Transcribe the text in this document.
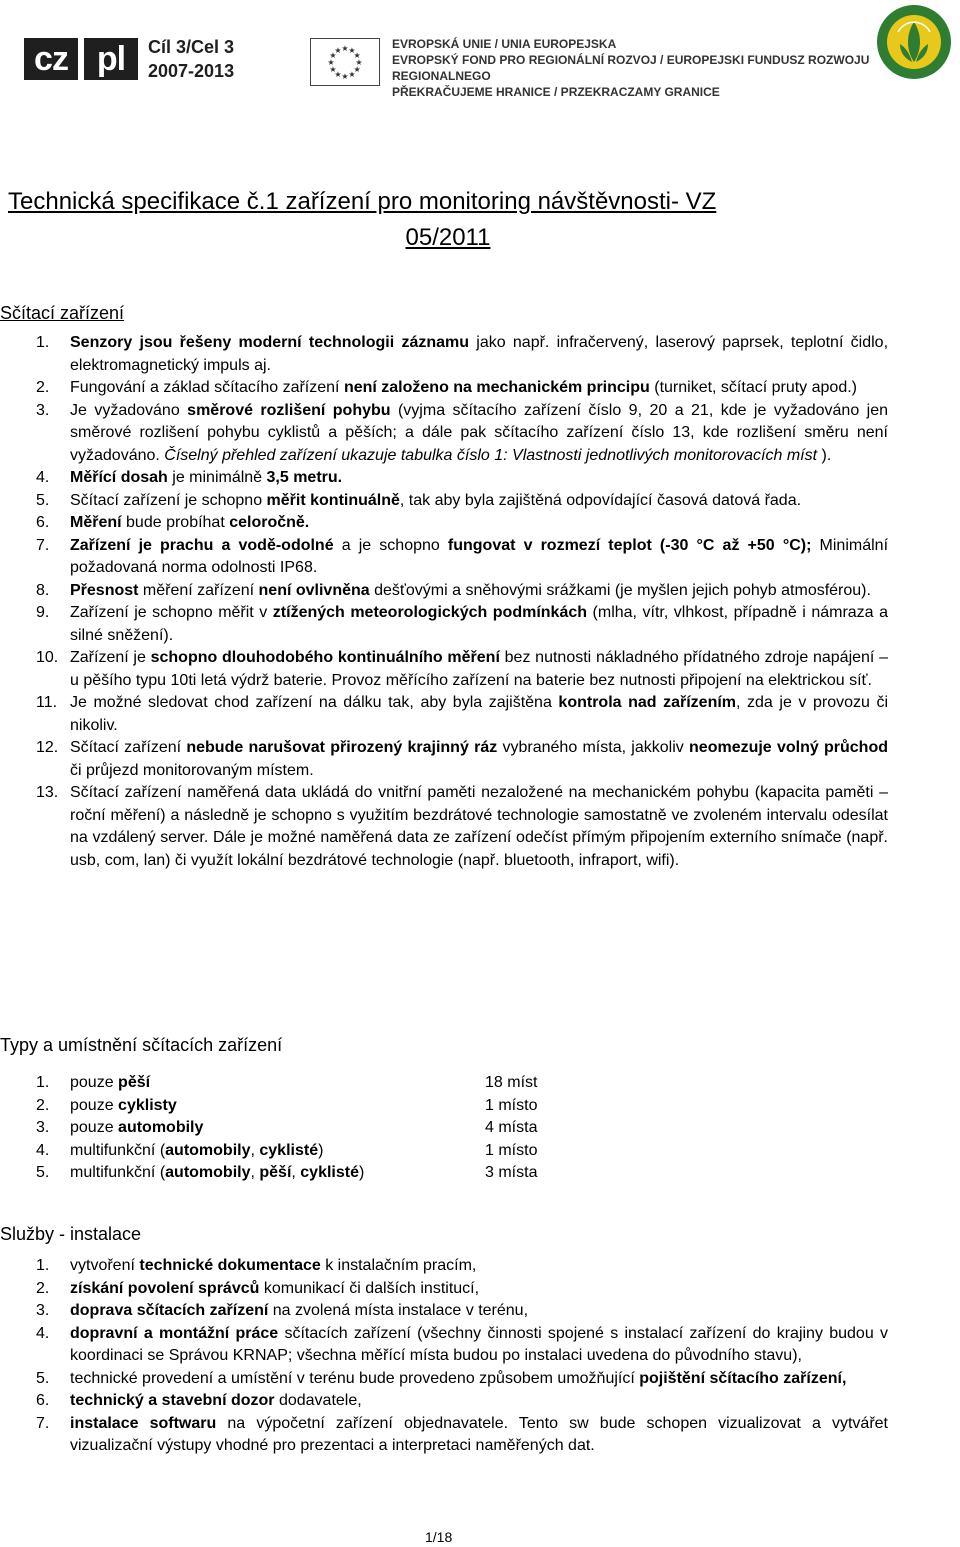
cz pl	Cíl 3/Cel 3
2007-2013
★ ★
★
★
★
★
★
★
★
★
★
★	EVROPSKÁ UNIE / UNIA EUROPEJSKA
EVROPSKÝ FOND PRO REGIONÁLNÍ ROZVOJ / EUROPEJSKI FUNDUSZ ROZWOJU REGIONALNEGO
PŘEKRAČUJEME HRANICE / PRZEKRACZAMY GRANICE
Technická specifikace č.1 zařízení pro monitoring návštěvnosti- VZ
05/2011
Sčítací zařízení
1. Senzory jsou řešeny moderní technologii záznamu jako např. infračervený, laserový paprsek, teplotní čidlo, elektromagnetický impuls aj.
2. Fungování a základ sčítacího zařízení není založeno na mechanickém principu (turniket, sčítací pruty apod.)
3. Je vyžadováno směrové rozlišení pohybu (vyjma sčítacího zařízení číslo 9, 20 a 21, kde je vyžadováno jen směrové rozlišení pohybu cyklistů a pěších; a dále pak sčítacího zařízení číslo 13, kde rozlišení směru není vyžadováno. Číselný přehled zařízení ukazuje tabulka číslo 1: Vlastnosti jednotlivých monitorovacích míst ).
4. Měřící dosah je minimálně 3,5 metru.
5. Sčítací zařízení je schopno měřit kontinuálně, tak aby byla zajištěná odpovídající časová datová řada.
6. Měření bude probíhat celoročně.
7. Zařízení je prachu a vodě-odolné a je schopno fungovat v rozmezí teplot (-30 °C až +50 °C); Minimální požadovaná norma odolnosti IP68.
8. Přesnost měření zařízení není ovlivněna dešťovými a sněhovými srážkami (je myšlen jejich pohyb atmosférou).
9. Zařízení je schopno měřit v ztížených meteorologických podmínkách (mlha, vítr, vlhkost, případně i námraza a silné sněžení).
10. Zařízení je schopno dlouhodobého kontinuálního měření bez nutnosti nákladného přídatného zdroje napájení – u pěšího typu 10ti letá výdrž baterie. Provoz měřícího zařízení na baterie bez nutnosti připojení na elektrickou síť.
11. Je možné sledovat chod zařízení na dálku tak, aby byla zajištěna kontrola nad zařízením, zda je v provozu či nikoliv.
12. Sčítací zařízení nebude narušovat přirozený krajinný ráz vybraného místa, jakkoliv neomezuje volný průchod či průjezd monitorovaným místem.
13. Sčítací zařízení naměřená data ukládá do vnitřní paměti nezaložené na mechanickém pohybu (kapacita paměti – roční měření) a následně je schopno s využitím bezdrátové technologie samostatně ve zvoleném intervalu odesílat na vzdálený server. Dále je možné naměřená data ze zařízení odečíst přímým připojením externího snímače (např. usb, com, lan) či využít lokální bezdrátové technologie (např. bluetooth, infraport, wifi).
Typy a umístnění sčítacích zařízení
1. pouze pěší	18 míst
2. pouze cyklisty	1 místo
3. pouze automobily	4 místa
4. multifunkční (automobily, cyklisté)	1 místo
5. multifunkční (automobily, pěší, cyklisté)	3 místa
Služby - instalace
1. vytvoření technické dokumentace k instalačním pracím,
2. získání povolení správců komunikací či dalších institucí,
3. doprava sčítacích zařízení na zvolená místa instalace v terénu,
4. dopravní a montážní práce sčítacích zařízení (všechny činnosti spojené s instalací zařízení do krajiny budou v koordinaci se Správou KRNAP; všechna měřící místa budou po instalaci uvedena do původního stavu),
5. technické provedení a umístění v terénu bude provedeno způsobem umožňující pojištění sčítacího zařízení,
6. technický a stavební dozor dodavatele,
7. instalace softwaru na výpočetní zařízení objednavatele. Tento sw bude schopen vizualizovat a vytvářet vizualizační výstupy vhodné pro prezentaci a interpretaci naměřených dat.
1/18
